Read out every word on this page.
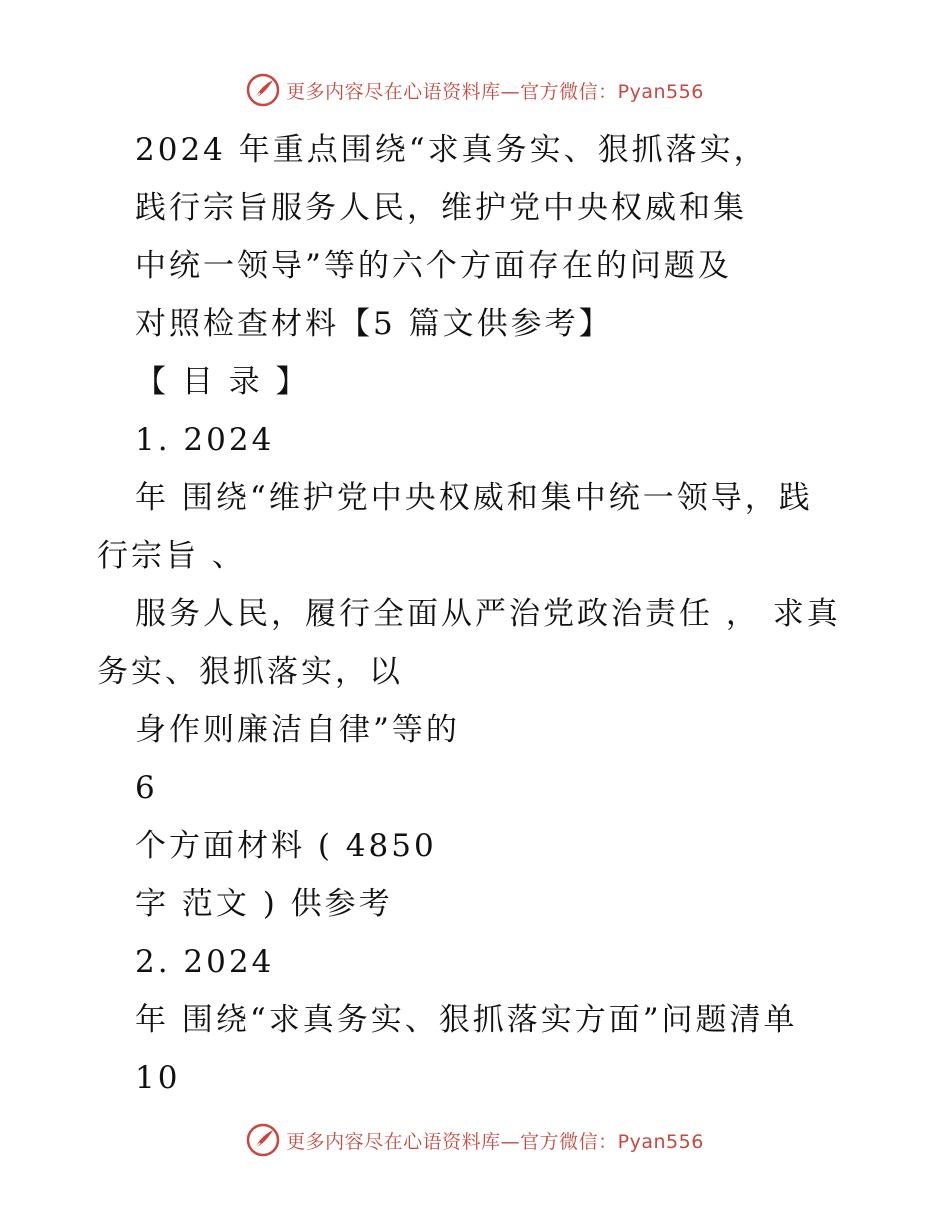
更多内容尽在心语资料库—官方微信：Pyan556
2024 年重点围绕“求真务实、狠抓落实，
践行宗旨服务人民，维护党中央权威和集
中统一领导”等的六个方面存在的问题及
对照检查材料【5 篇文供参考】
【 目 录 】
1. 2024
年 围绕“维护党中央权威和集中统一领导，践
行宗旨 、
服务人民，履行全面从严治党政治责任 ， 求真
务实、狠抓落实，以
身作则廉洁自律”等的
6
个方面材料 ( 4850
字 范文 ) 供参考
2. 2024
年 围绕“求真务实、狠抓落实方面”问题清单
10
更多内容尽在心语资料库—官方微信：Pyan556
